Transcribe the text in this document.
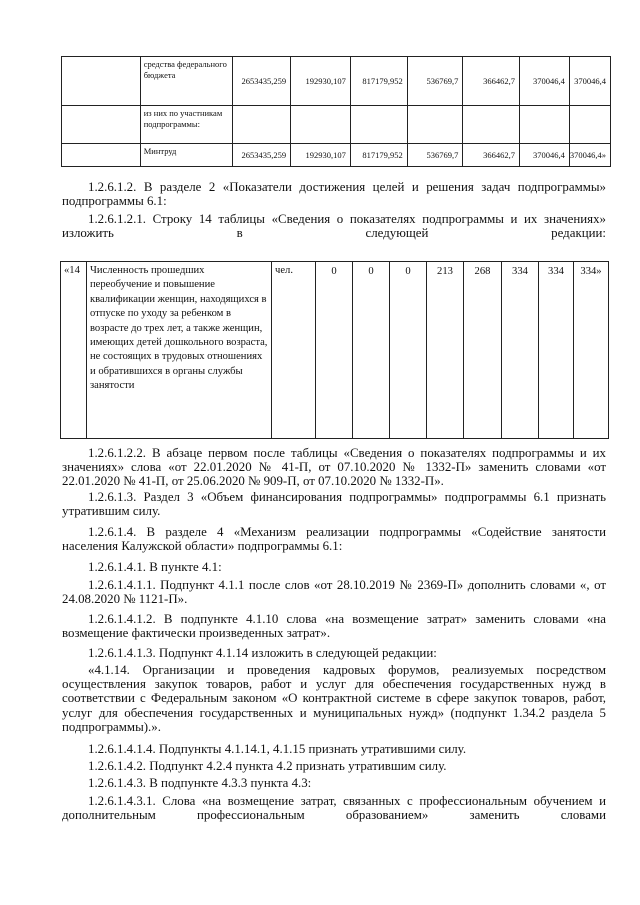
	средства федерального бюджета	2653435,259	192930,107	817179,952	536769,7	366462,7	370046,4	370046,4
	из них по участникам подпрограммы:							
	Минтруд	2653435,259	192930,107	817179,952	536769,7	366462,7	370046,4	370046,4»

1.2.6.1.2. В разделе 2 «Показатели достижения целей и решения задач подпрограммы» подпрограммы 6.1:

1.2.6.1.2.1. Строку 14 таблицы «Сведения о показателях подпрограммы и их значениях» изложить в следующей редакции:

«14	Численность прошедших переобучение и повышение квалификации женщин, находящихся в отпуске по уходу за ребенком в возрасте до трех лет, а также женщин, имеющих детей дошкольного возраста, не состоящих в трудовых отношениях и обратившихся в органы службы занятости	чел.	0	0	0	213	268	334	334	334»

1.2.6.1.2.2. В абзаце первом после таблицы «Сведения о показателях подпрограммы и их значениях» слова «от 22.01.2020 № 41-П, от 07.10.2020 № 1332-П» заменить словами «от 22.01.2020 № 41-П, от 25.06.2020 № 909-П, от 07.10.2020 № 1332-П».

1.2.6.1.3. Раздел 3 «Объем финансирования подпрограммы» подпрограммы 6.1 признать утратившим силу.

1.2.6.1.4. В разделе 4 «Механизм реализации подпрограммы «Содействие занятости населения Калужской области» подпрограммы 6.1:

1.2.6.1.4.1. В пункте 4.1:

1.2.6.1.4.1.1. Подпункт 4.1.1 после слов «от 28.10.2019 № 2369-П» дополнить словами «, от 24.08.2020 № 1121-П».

1.2.6.1.4.1.2. В подпункте 4.1.10 слова «на возмещение затрат» заменить словами «на возмещение фактически произведенных затрат».

1.2.6.1.4.1.3. Подпункт 4.1.14 изложить в следующей редакции:

«4.1.14. Организации и проведения кадровых форумов, реализуемых посредством осуществления закупок товаров, работ и услуг для обеспечения государственных нужд в соответствии с Федеральным законом «О контрактной системе в сфере закупок товаров, работ, услуг для обеспечения государственных и муниципальных нужд» (подпункт 1.34.2 раздела 5 подпрограммы).».

1.2.6.1.4.1.4. Подпункты 4.1.14.1, 4.1.15 признать утратившими силу.

1.2.6.1.4.2. Подпункт 4.2.4 пункта 4.2 признать утратившим силу.

1.2.6.1.4.3. В подпункте 4.3.3 пункта 4.3:

1.2.6.1.4.3.1. Слова «на возмещение затрат, связанных с профессиональным обучением и дополнительным профессиональным образованием» заменить словами
